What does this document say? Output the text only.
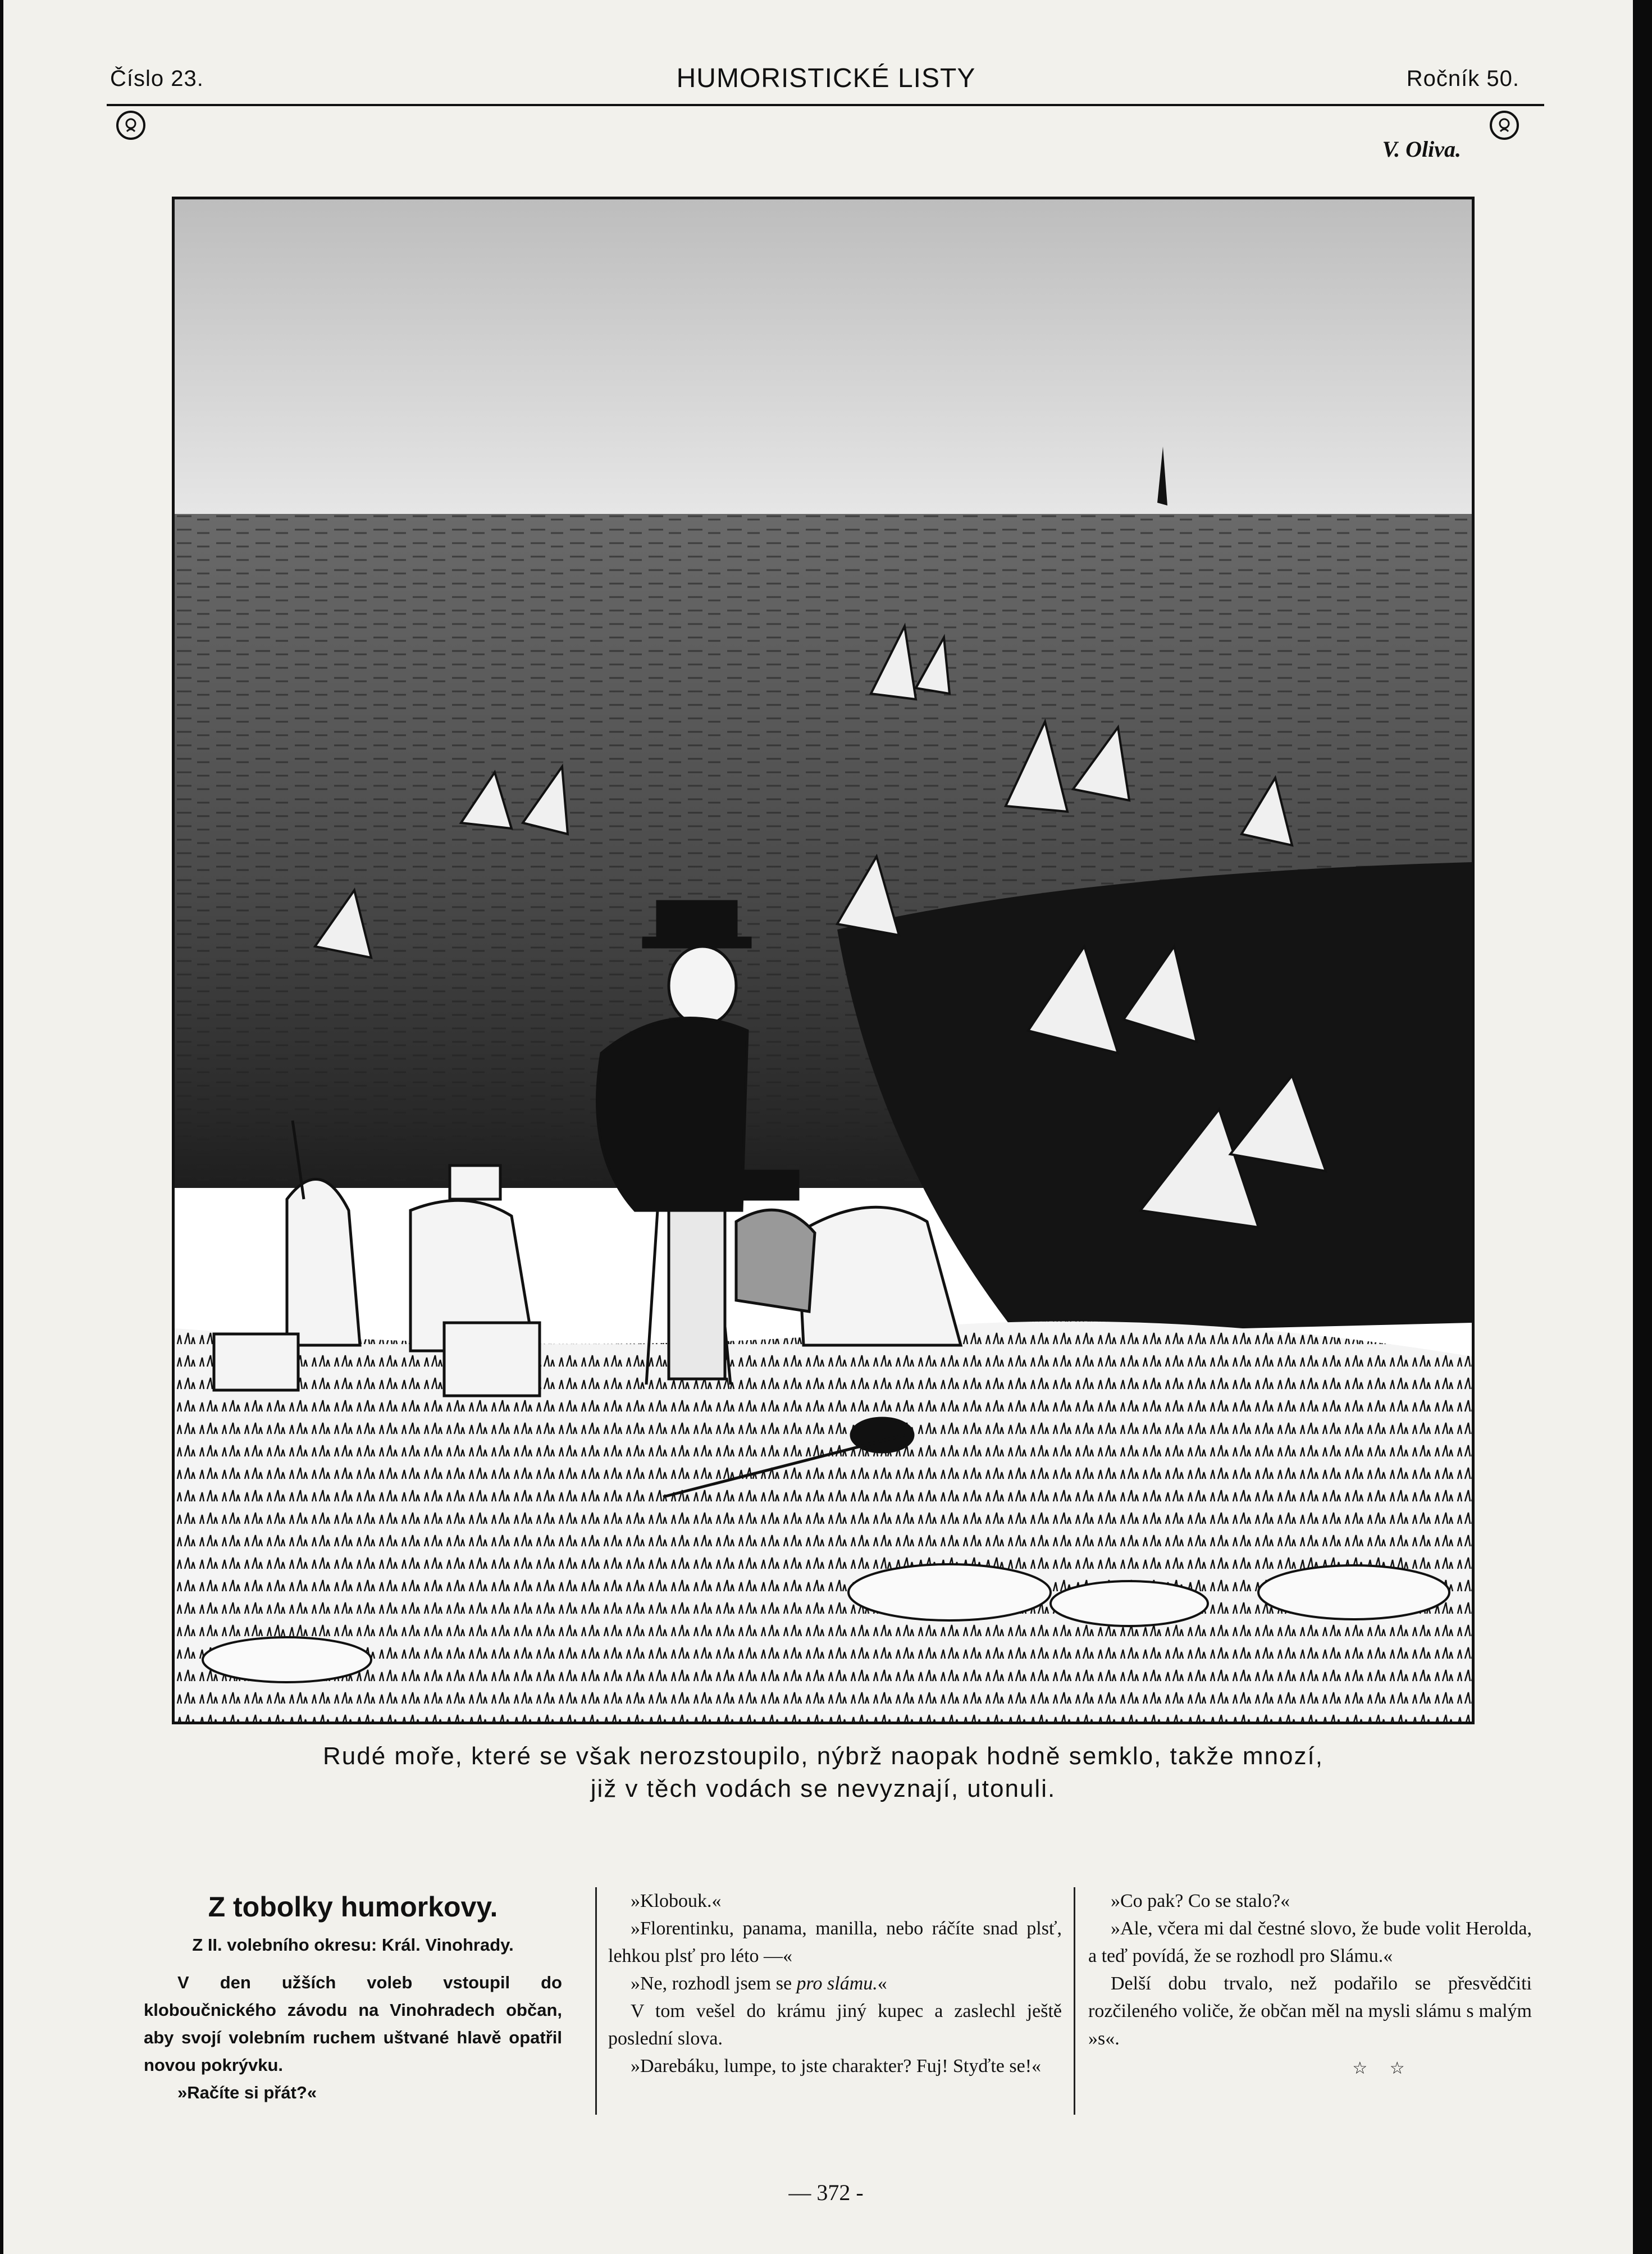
Číslo 23.	HUMORISTICKÉ LISTY	Ročník 50.
V. Oliva.
Rudé moře, které se však nerozstoupilo, nýbrž naopak hodně semklo, takže mnozí,
již v těch vodách se nevyznají, utonuli.
Z tobolky humorkovy.
Z II. volebního okresu: Král. Vinohrady.

V den užších voleb vstoupil do kloboučnického závodu na Vinohradech občan, aby svojí volebním ruchem uštvané hlavě opatřil novou pokrývku.

»Račíte si přát?«

»Klobouk.«

»Florentinku, panama, manilla, nebo ráčíte snad plsť, lehkou plsť pro léto —«

»Ne, rozhodl jsem se pro slámu.«

V tom vešel do krámu jiný kupec a zaslechl ještě poslední slova.

»Darebáku, lumpe, to jste charakter? Fuj! Styďte se!«

»Co pak? Co se stalo?«

»Ale, včera mi dal čestné slovo, že bude volit Herolda, a teď povídá, že se rozhodl pro Slámu.«

Delší dobu trvalo, než podařilo se přesvědčiti rozčileného voliče, že občan měl na mysli slámu s malým »s«.

☆ ☆
— 372 -
